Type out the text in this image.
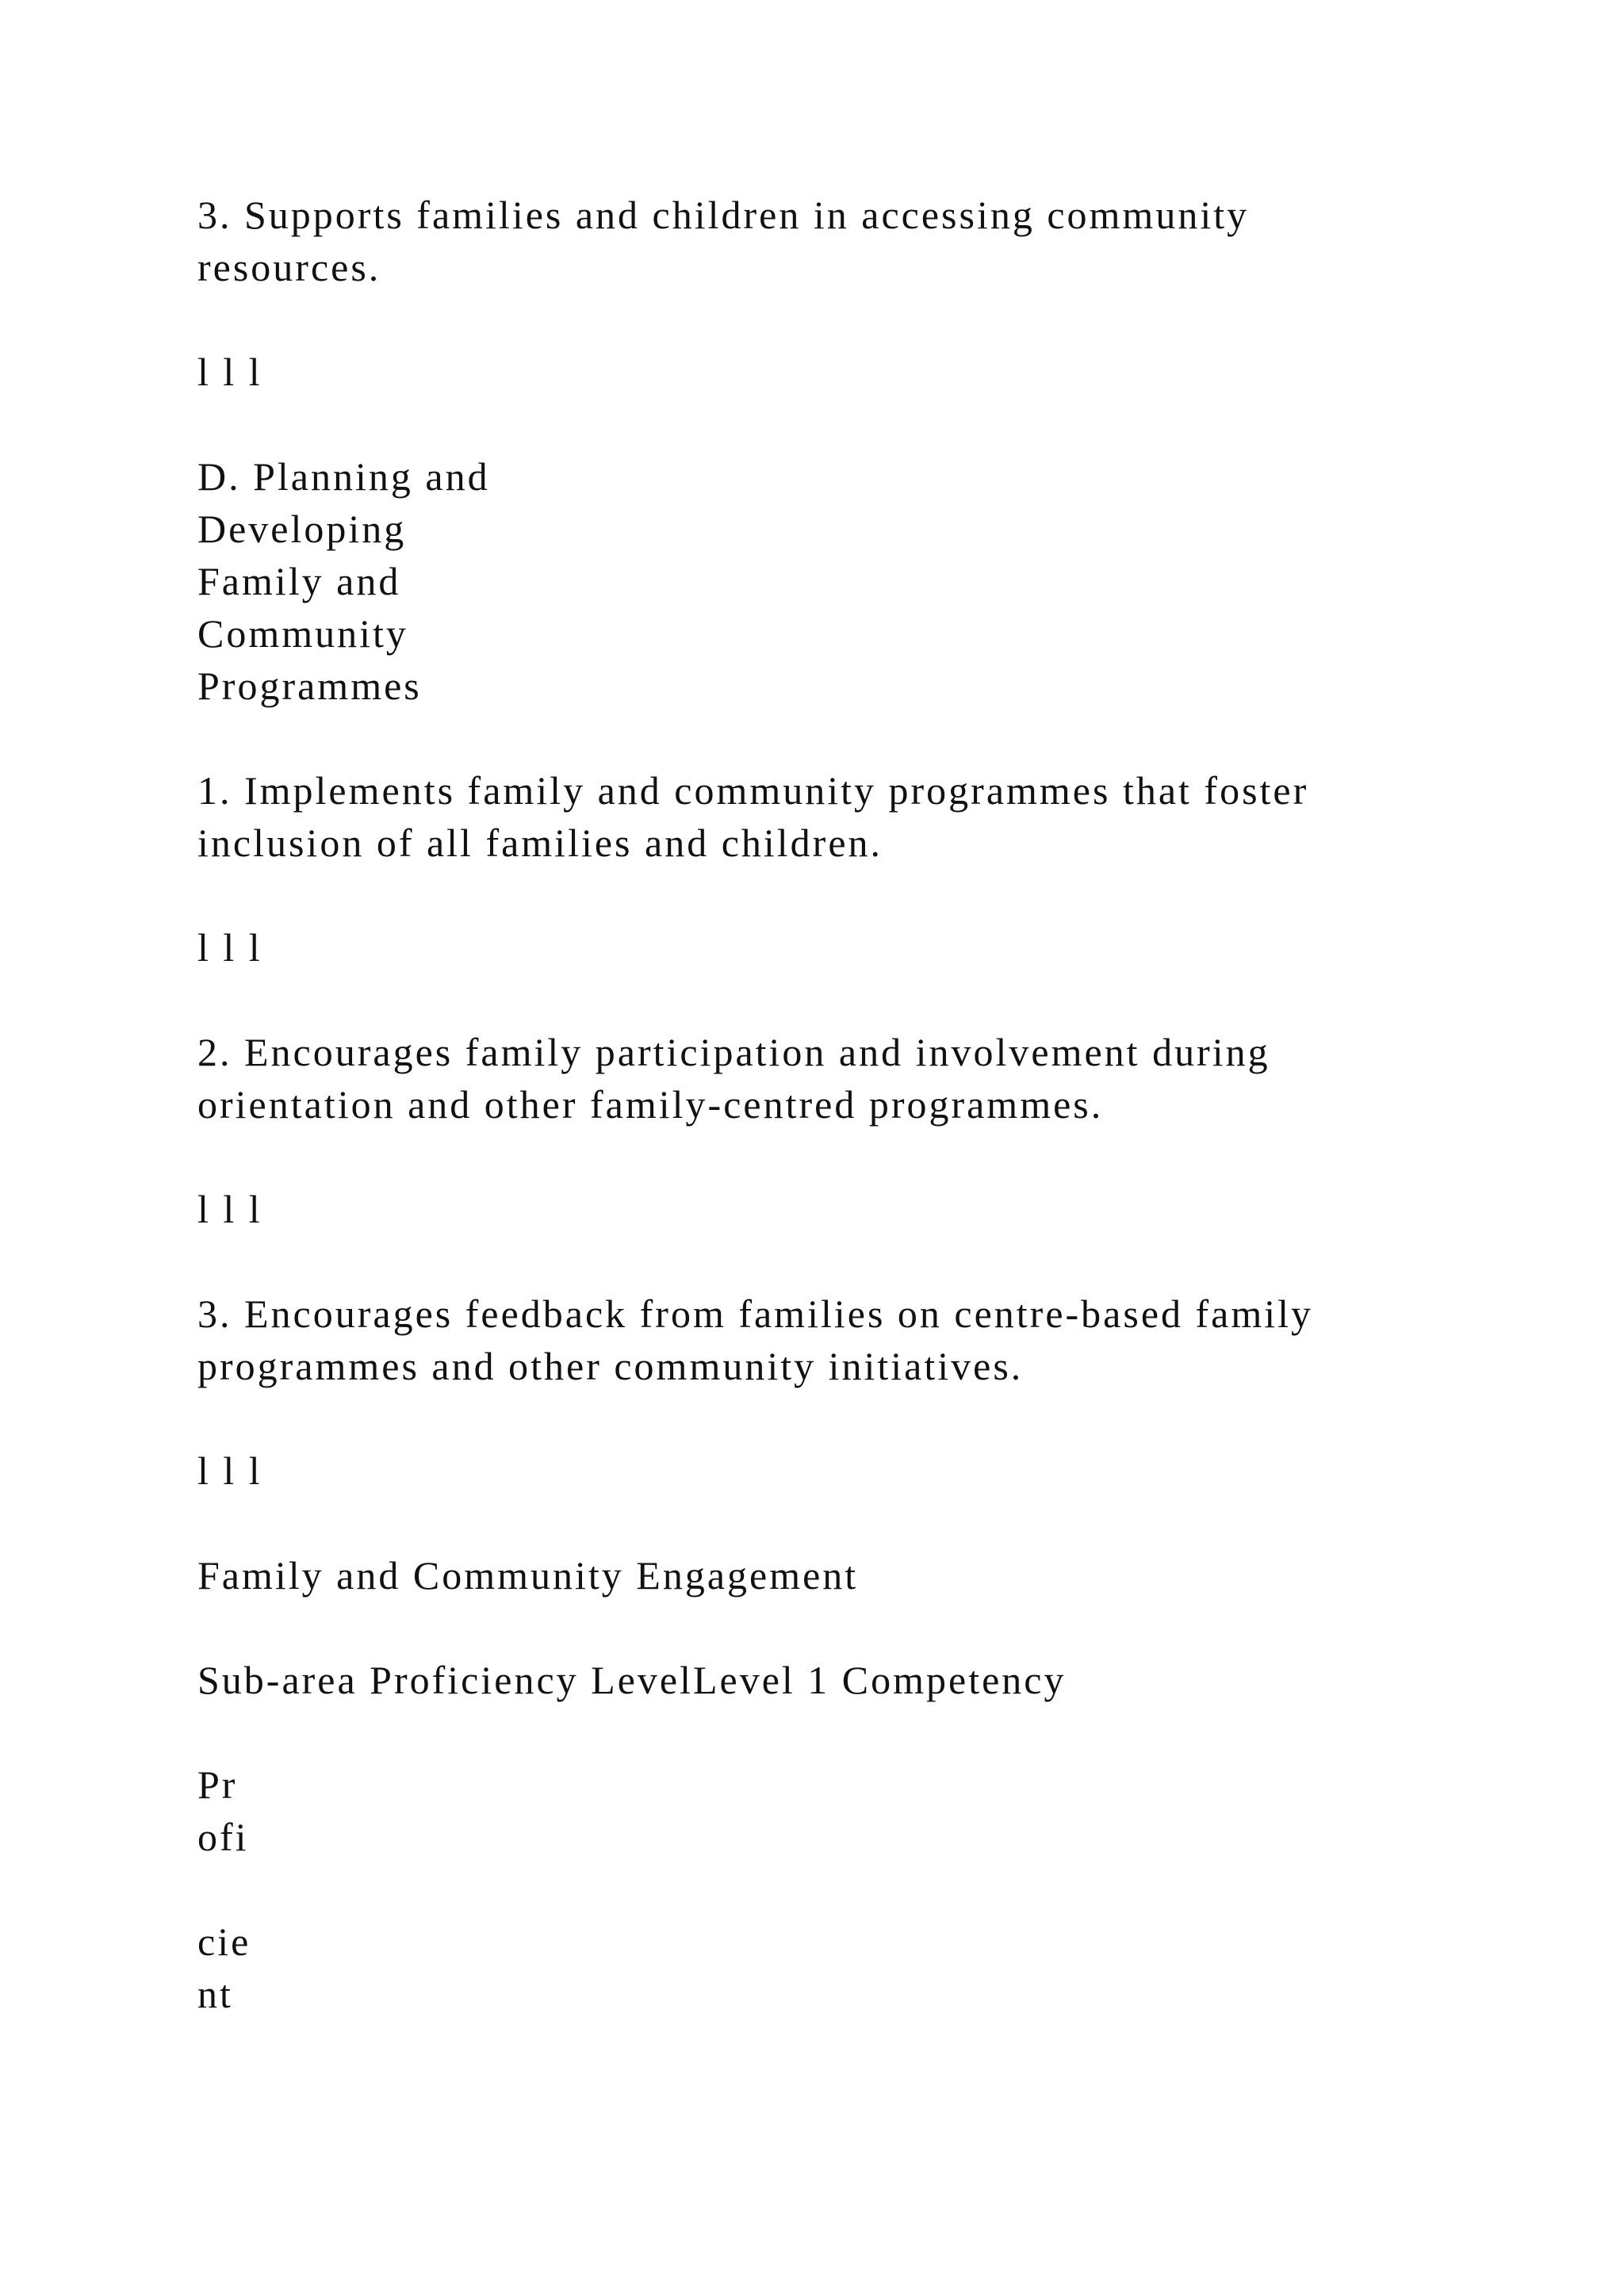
3. Supports families and children in accessing community
resources.
l l l
D. Planning and
Developing
Family and
Community
Programmes
1. Implements family and community programmes that foster
inclusion of all families and children.
l l l
2. Encourages family participation and involvement during
orientation and other family-centred programmes.
l l l
3. Encourages feedback from families on centre-based family
programmes and other community initiatives.
l l l
Family and Community Engagement
Sub-area Proficiency LevelLevel 1 Competency
Pr
ofi
cie
nt
